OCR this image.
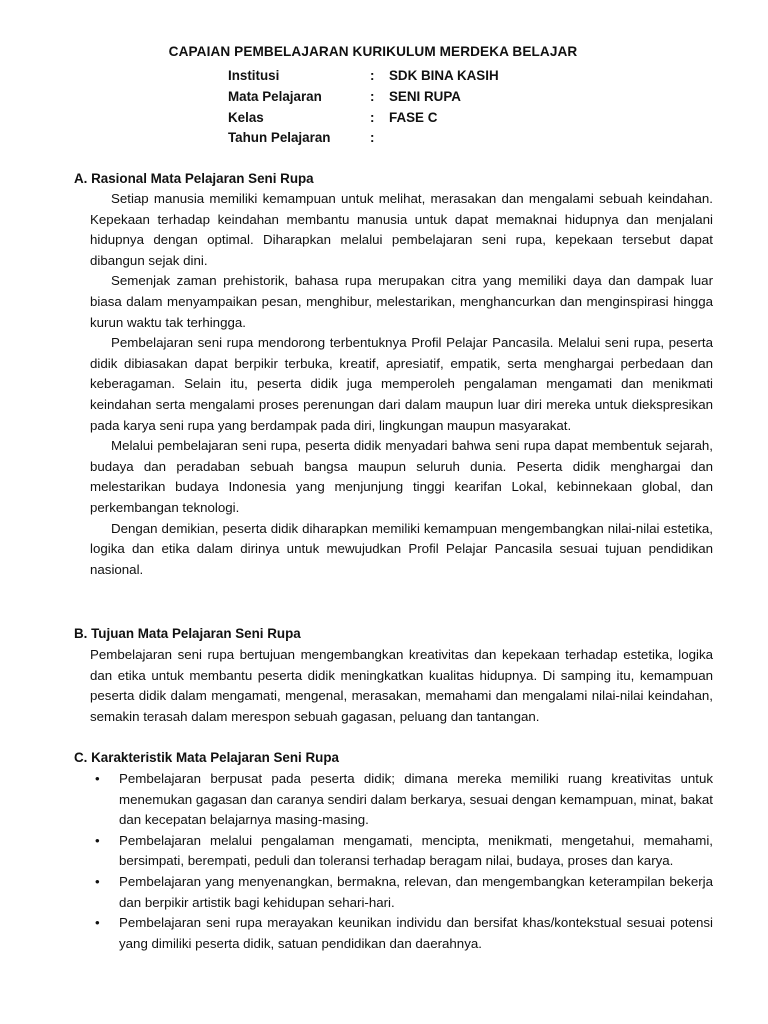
CAPAIAN PEMBELAJARAN KURIKULUM MERDEKA BELAJAR
Institusi	: SDK BINA KASIH
Mata Pelajaran	: SENI RUPA
Kelas	: FASE C
Tahun Pelajaran	:
A. Rasional Mata Pelajaran Seni Rupa

Setiap manusia memiliki kemampuan untuk melihat, merasakan dan mengalami sebuah keindahan. Kepekaan terhadap keindahan membantu manusia untuk dapat memaknai hidupnya dan menjalani hidupnya dengan optimal. Diharapkan melalui pembelajaran seni rupa, kepekaan tersebut dapat dibangun sejak dini.

Semenjak zaman prehistorik, bahasa rupa merupakan citra yang memiliki daya dan dampak luar biasa dalam menyampaikan pesan, menghibur, melestarikan, menghancurkan dan menginspirasi hingga kurun waktu tak terhingga.

Pembelajaran seni rupa mendorong terbentuknya Profil Pelajar Pancasila. Melalui seni rupa, peserta didik dibiasakan dapat berpikir terbuka, kreatif, apresiatif, empatik, serta menghargai perbedaan dan keberagaman. Selain itu, peserta didik juga memperoleh pengalaman mengamati dan menikmati keindahan serta mengalami proses perenungan dari dalam maupun luar diri mereka untuk diekspresikan pada karya seni rupa yang berdampak pada diri, lingkungan maupun masyarakat.

Melalui pembelajaran seni rupa, peserta didik menyadari bahwa seni rupa dapat membentuk sejarah, budaya dan peradaban sebuah bangsa maupun seluruh dunia. Peserta didik menghargai dan melestarikan budaya Indonesia yang menjunjung tinggi kearifan Lokal, kebinnekaan global, dan perkembangan teknologi.

Dengan demikian, peserta didik diharapkan memiliki kemampuan mengembangkan nilai-nilai estetika, logika dan etika dalam dirinya untuk mewujudkan Profil Pelajar Pancasila sesuai tujuan pendidikan nasional.

B. Tujuan Mata Pelajaran Seni Rupa

Pembelajaran seni rupa bertujuan mengembangkan kreativitas dan kepekaan terhadap estetika, logika dan etika untuk membantu peserta didik meningkatkan kualitas hidupnya. Di samping itu, kemampuan peserta didik dalam mengamati, mengenal, merasakan, memahami dan mengalami nilai-nilai keindahan, semakin terasah dalam merespon sebuah gagasan, peluang dan tantangan.

C. Karakteristik Mata Pelajaran Seni Rupa
• Pembelajaran berpusat pada peserta didik; dimana mereka memiliki ruang kreativitas untuk menemukan gagasan dan caranya sendiri dalam berkarya, sesuai dengan kemampuan, minat, bakat dan kecepatan belajarnya masing-masing.
• Pembelajaran melalui pengalaman mengamati, mencipta, menikmati, mengetahui, memahami, bersimpati, berempati, peduli dan toleransi terhadap beragam nilai, budaya, proses dan karya.
• Pembelajaran yang menyenangkan, bermakna, relevan, dan mengembangkan keterampilan bekerja dan berpikir artistik bagi kehidupan sehari-hari.
• Pembelajaran seni rupa merayakan keunikan individu dan bersifat khas/kontekstual sesuai potensi yang dimiliki peserta didik, satuan pendidikan dan daerahnya.
